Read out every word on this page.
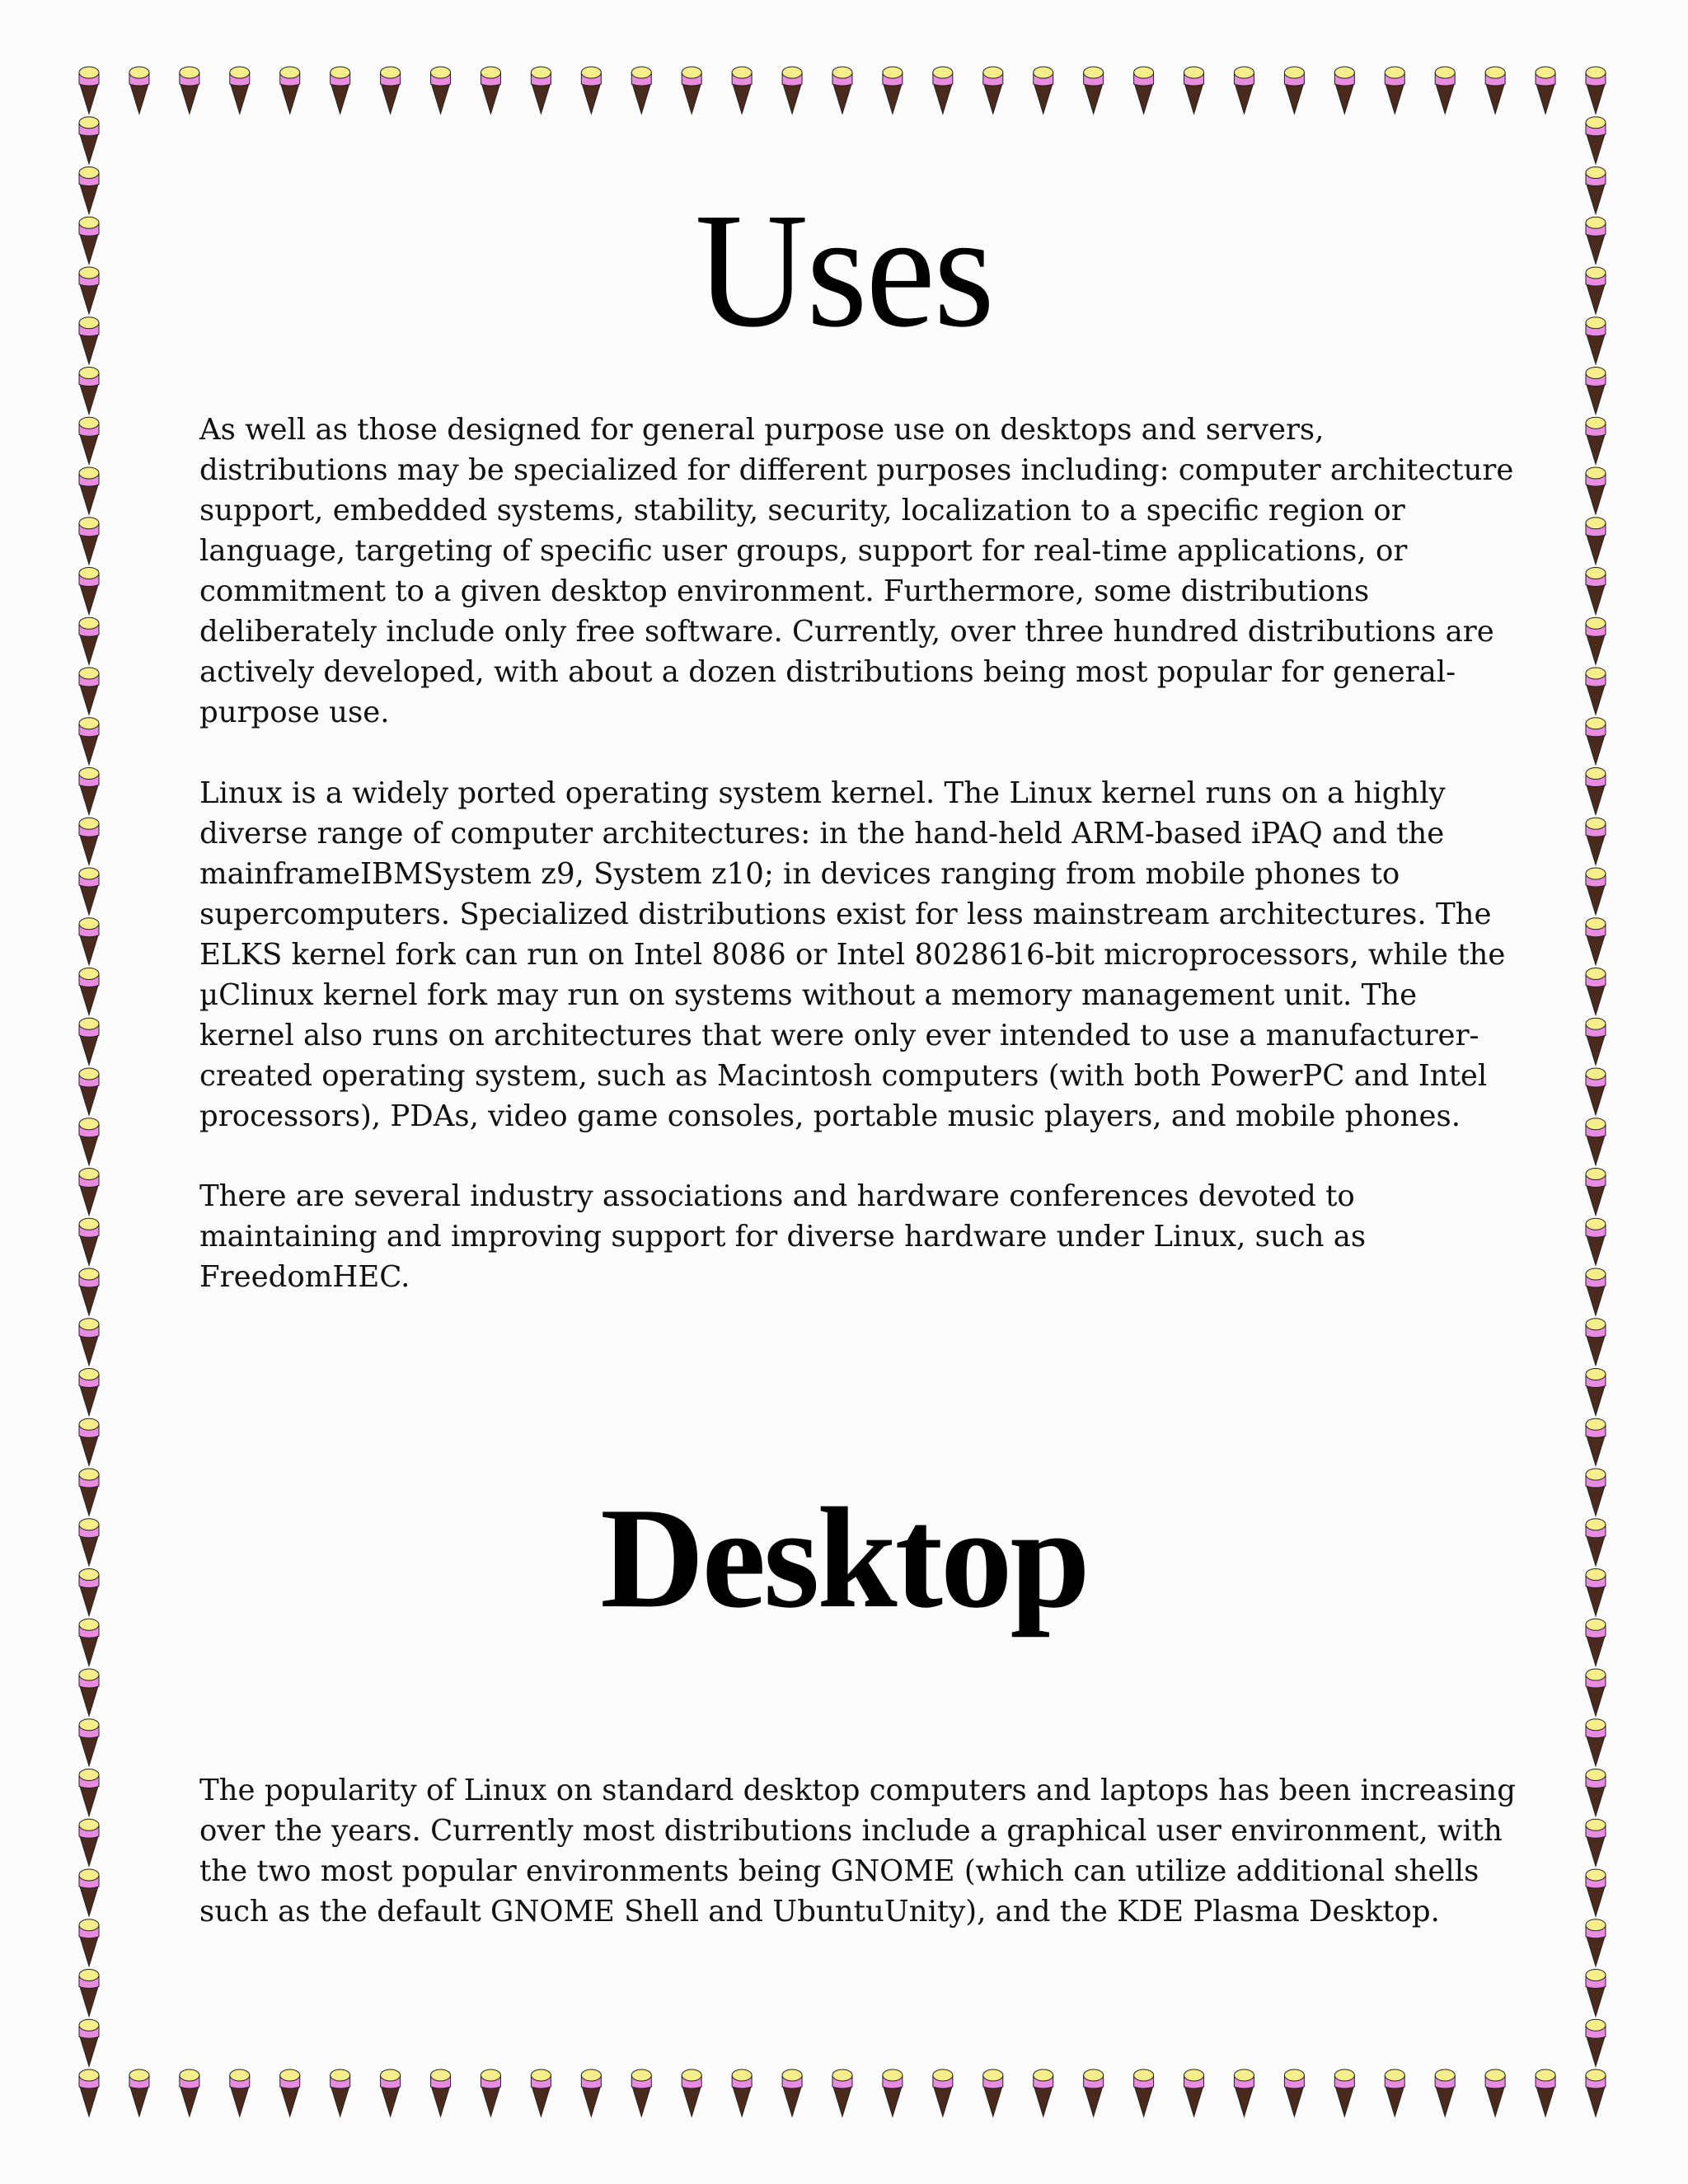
Uses

As well as those designed for general purpose use on desktops and servers, distributions may be specialized for different purposes including: computer architecture support, embedded systems, stability, security, localization to a specific region or language, targeting of specific user groups, support for real-time applications, or commitment to a given desktop environment. Furthermore, some distributions deliberately include only free software. Currently, over three hundred distributions are actively developed, with about a dozen distributions being most popular for general-purpose use.

Linux is a widely ported operating system kernel. The Linux kernel runs on a highly diverse range of computer architectures: in the hand-held ARM-based iPAQ and the mainframeIBMSystem z9, System z10; in devices ranging from mobile phones to supercomputers. Specialized distributions exist for less mainstream architectures. The ELKS kernel fork can run on Intel 8086 or Intel 8028616-bit microprocessors, while the µClinux kernel fork may run on systems without a memory management unit. The kernel also runs on architectures that were only ever intended to use a manufacturer-created operating system, such as Macintosh computers (with both PowerPC and Intel processors), PDAs, video game consoles, portable music players, and mobile phones.

There are several industry associations and hardware conferences devoted to maintaining and improving support for diverse hardware under Linux, such as FreedomHEC.

Desktop

The popularity of Linux on standard desktop computers and laptops has been increasing over the years. Currently most distributions include a graphical user environment, with the two most popular environments being GNOME (which can utilize additional shells such as the default GNOME Shell and UbuntuUnity), and the KDE Plasma Desktop.
